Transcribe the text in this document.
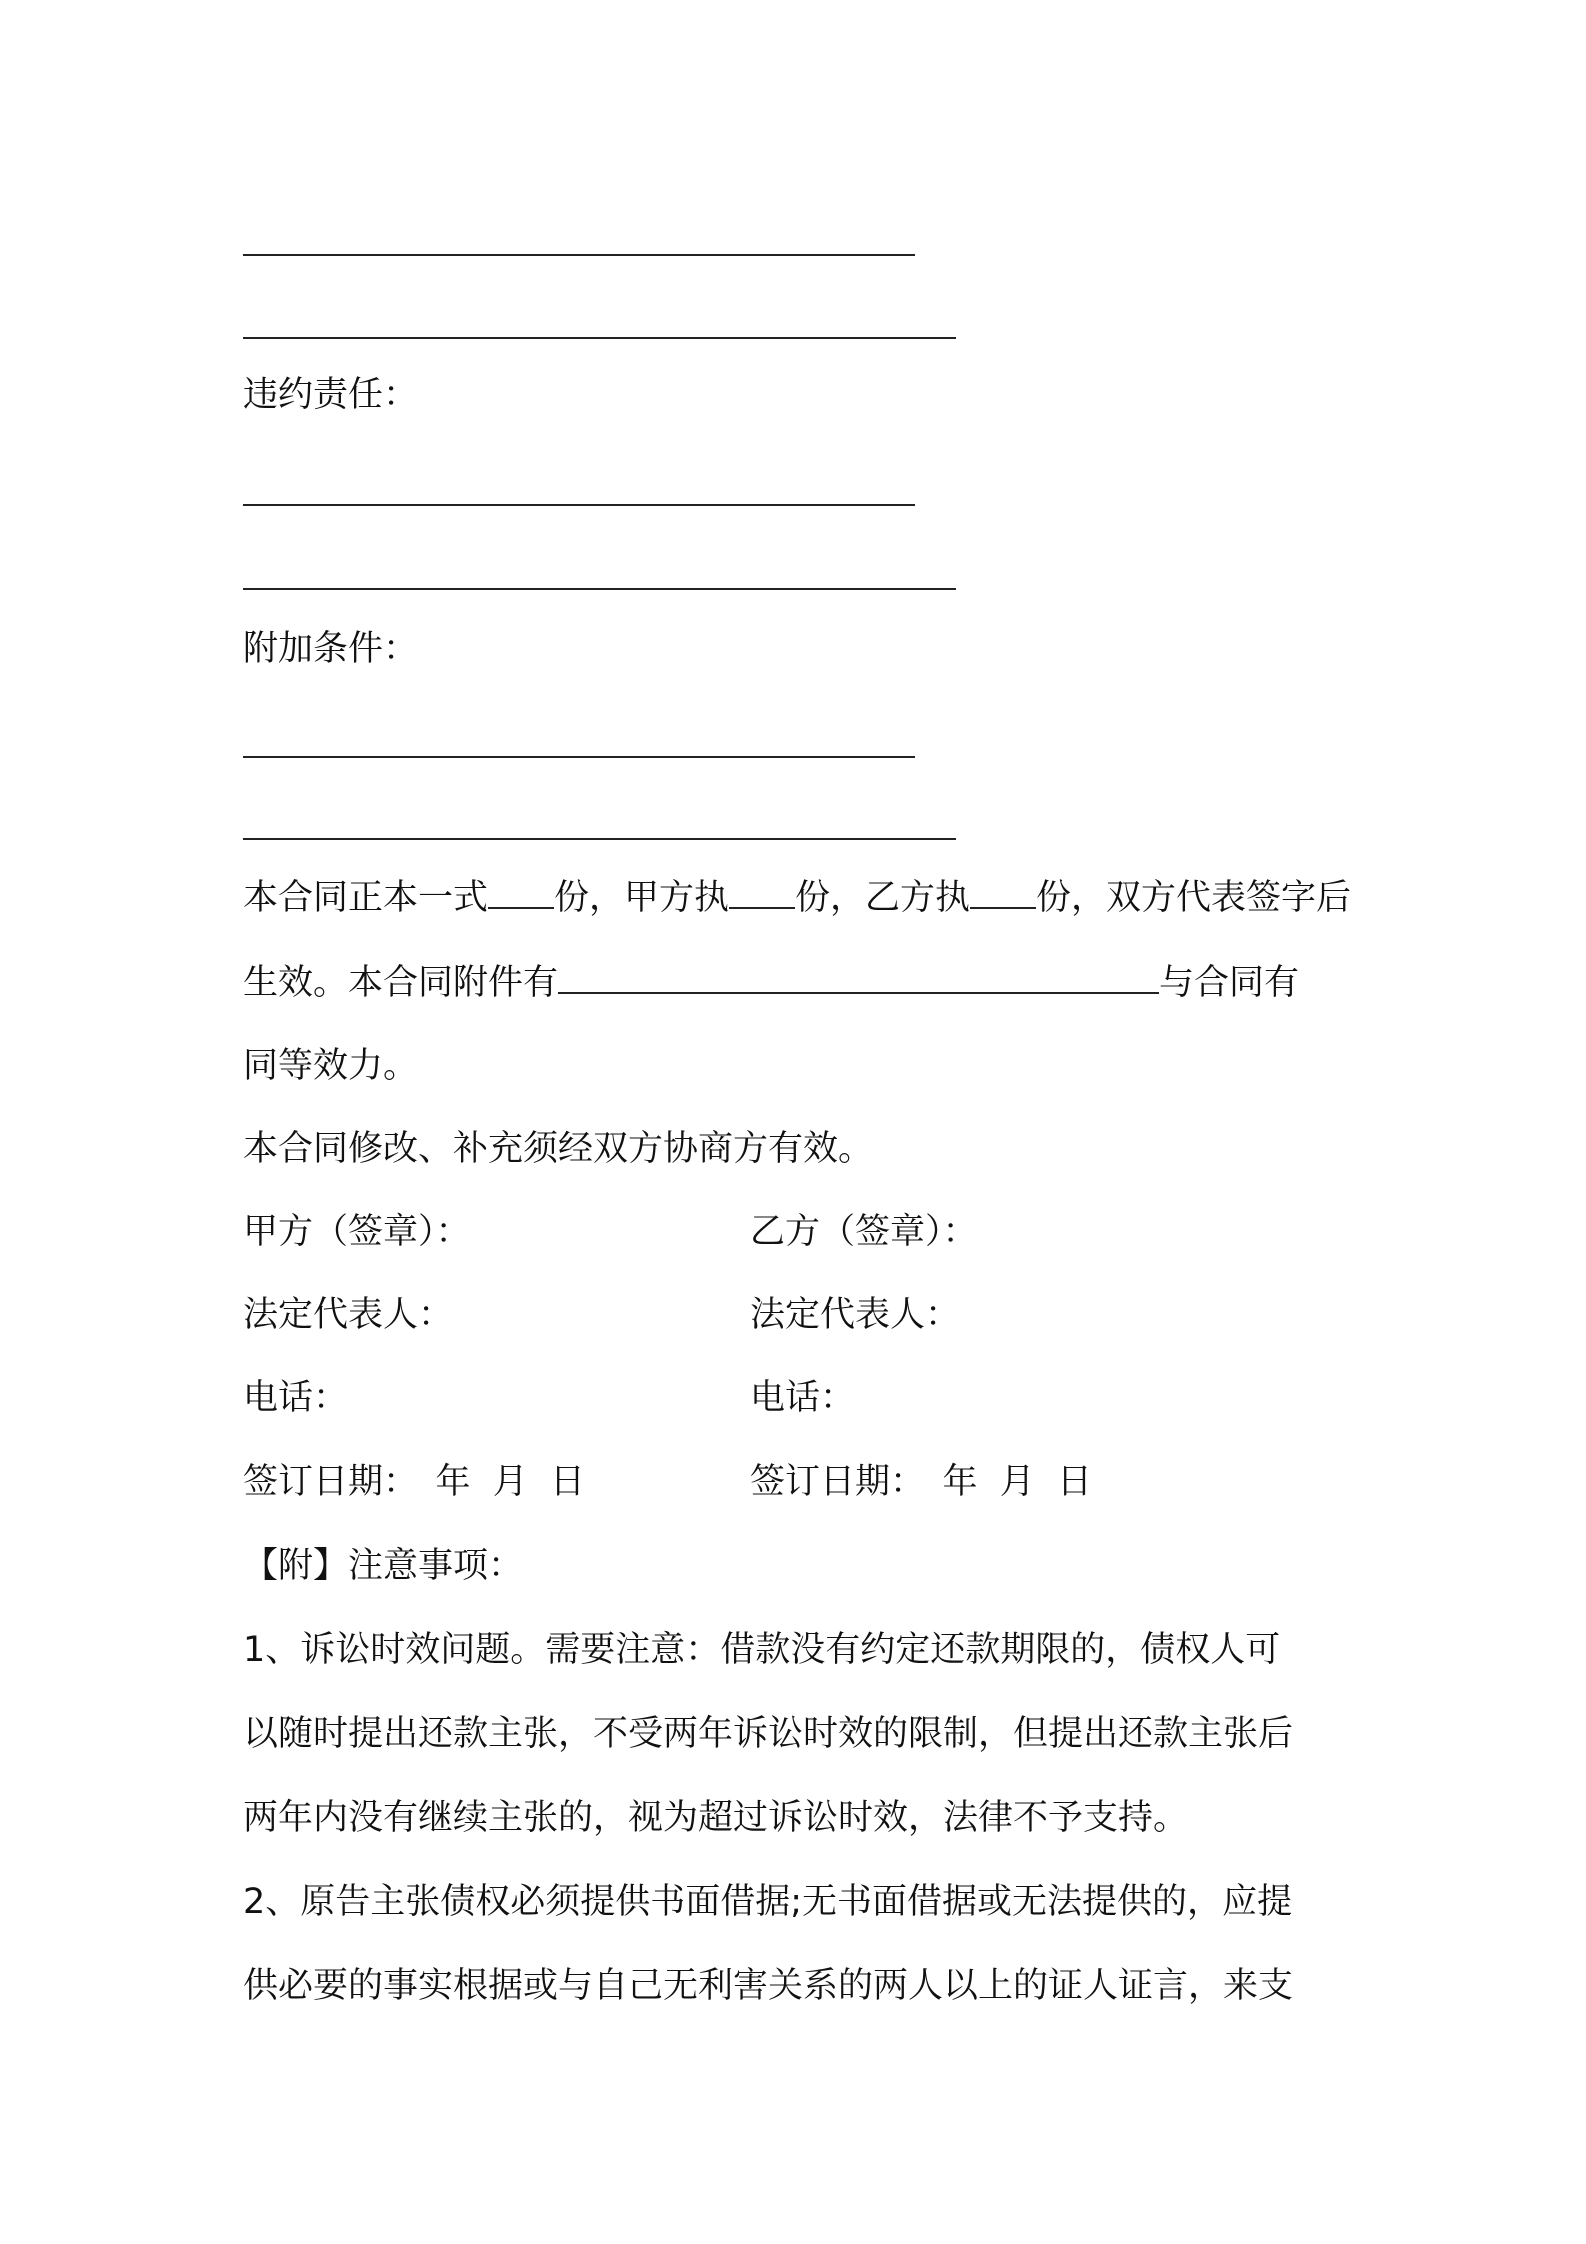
违约责任：

附加条件：

本合同正本一式 份，甲方执 份，乙方执 份，双方代表签字后

生效。本合同附件有	与合同有

同等效力。

本合同修改、补充须经双方协商方有效。

甲方（签章）：	乙方（签章）：

法定代表人：	法定代表人：

电话：	电话：

签订日期：　年  月  日	签订日期：　年  月  日

【附】注意事项：

1、诉讼时效问题。需要注意：借款没有约定还款期限的，债权人可

以随时提出还款主张，不受两年诉讼时效的限制，但提出还款主张后

两年内没有继续主张的，视为超过诉讼时效，法律不予支持。

2、原告主张债权必须提供书面借据;无书面借据或无法提供的，应提

供必要的事实根据或与自己无利害关系的两人以上的证人证言，来支
